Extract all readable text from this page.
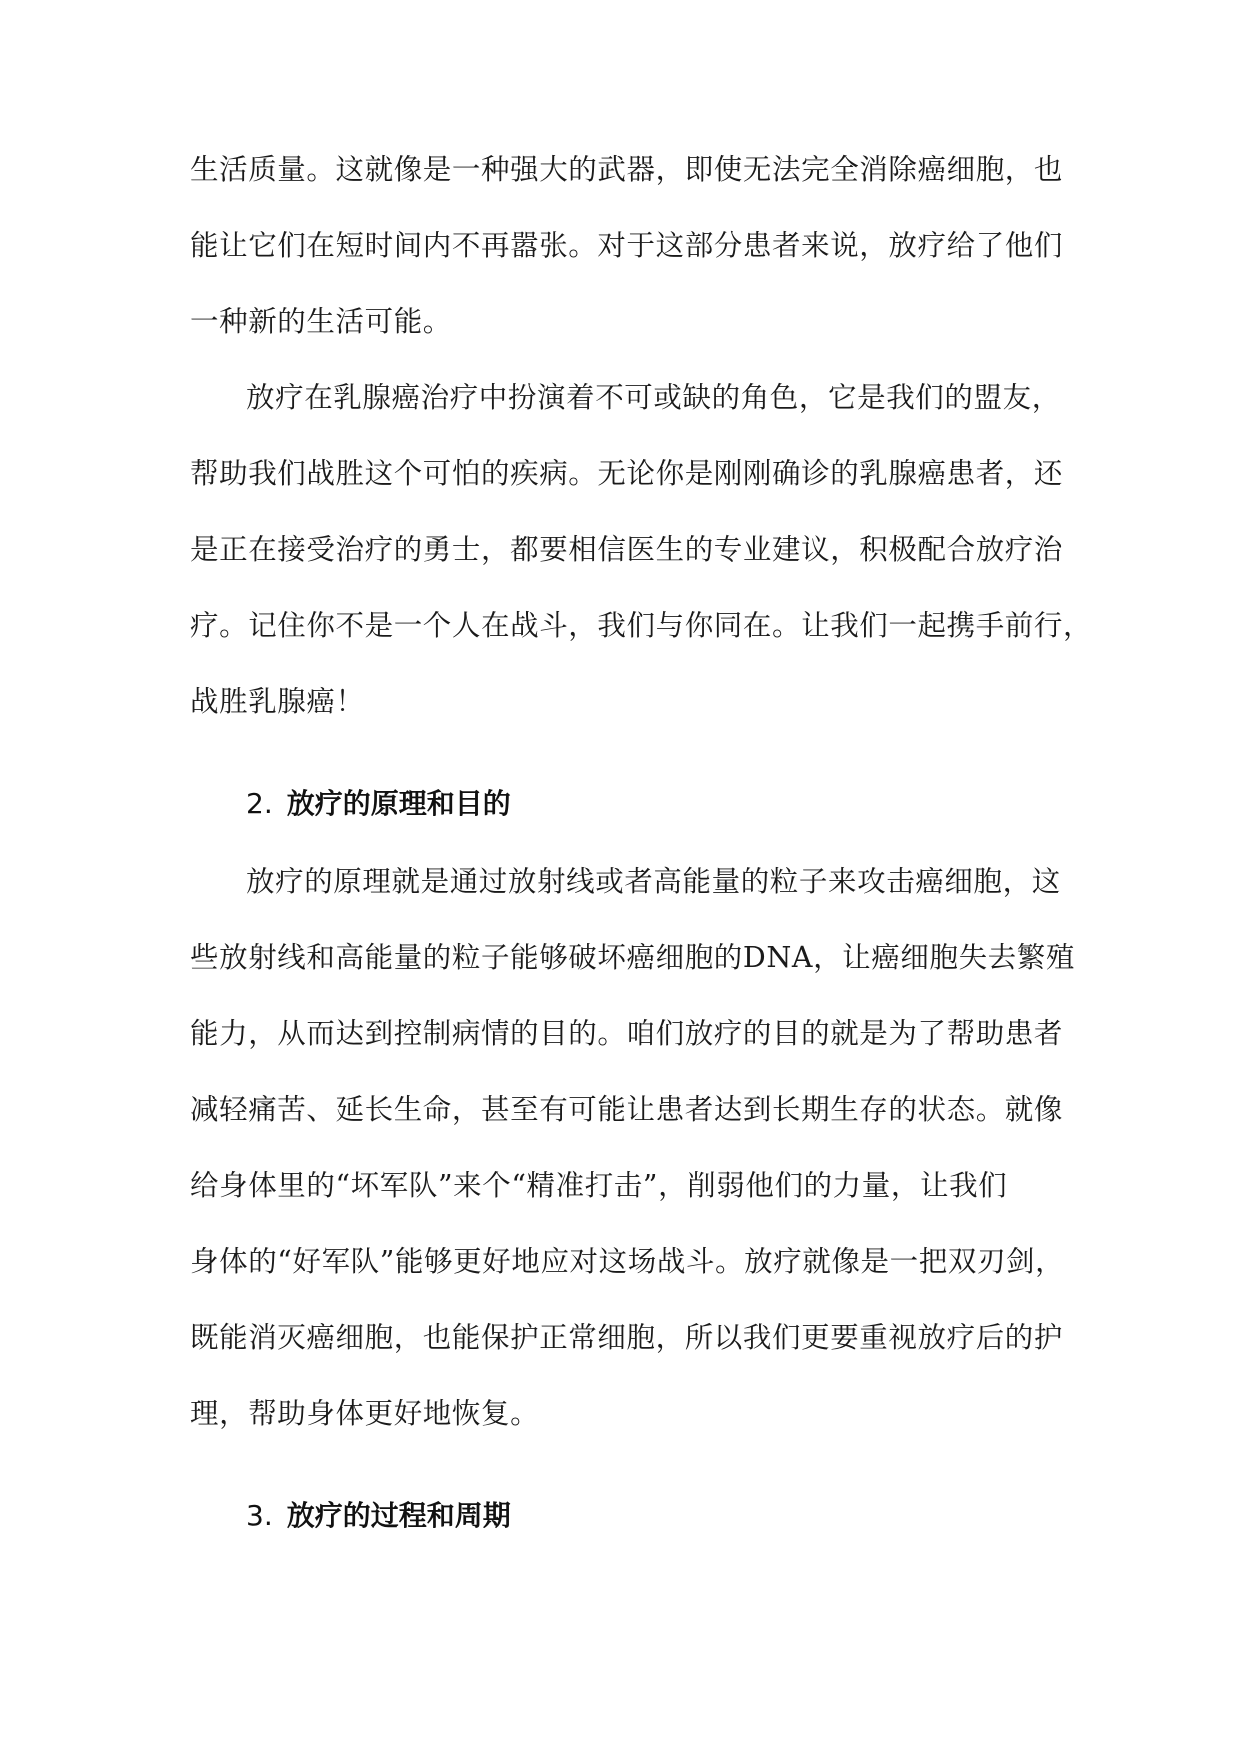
生活质量。这就像是一种强大的武器，即使无法完全消除癌细胞，也
能让它们在短时间内不再嚣张。对于这部分患者来说，放疗给了他们
一种新的生活可能。
放疗在乳腺癌治疗中扮演着不可或缺的角色，它是我们的盟友，
帮助我们战胜这个可怕的疾病。无论你是刚刚确诊的乳腺癌患者，还
是正在接受治疗的勇士，都要相信医生的专业建议，积极配合放疗治
疗。记住你不是一个人在战斗，我们与你同在。让我们一起携手前行，
战胜乳腺癌！
2. 放疗的原理和目的
放疗的原理就是通过放射线或者高能量的粒子来攻击癌细胞，这
些放射线和高能量的粒子能够破坏癌细胞的DNA，让癌细胞失去繁殖
能力，从而达到控制病情的目的。咱们放疗的目的就是为了帮助患者
减轻痛苦、延长生命，甚至有可能让患者达到长期生存的状态。就像
给身体里的“坏军队”来个“精准打击”，削弱他们的力量，让我们
身体的“好军队”能够更好地应对这场战斗。放疗就像是一把双刃剑，
既能消灭癌细胞，也能保护正常细胞，所以我们更要重视放疗后的护
理，帮助身体更好地恢复。
3. 放疗的过程和周期
